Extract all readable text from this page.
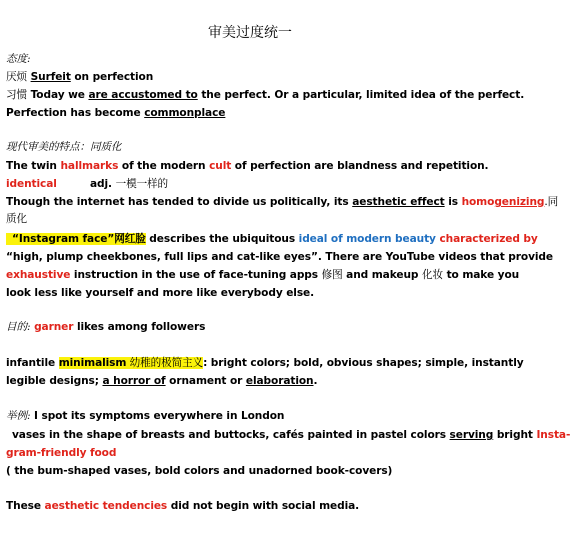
审美过度统一
态度:
厌烦 Surfeit on perfection
习惯 Today we are accustomed to the perfect. Or a particular, limited idea of the perfect.
Perfection has become commonplace
现代审美的特点：同质化
The twin hallmarks of the modern cult of perfection are blandness and repetition.
identical	adj. 一模一样的
Though the internet has tended to divide us politically, its aesthetic effect is homogenizing.同
质化
“Instagram face”网红脸 describes the ubiquitous ideal of modern beauty characterized by
“high, plump cheekbones, full lips and cat-like eyes”. There are YouTube videos that provide
exhaustive instruction in the use of face-tuning apps 修图 and makeup 化妆 to make you
look less like yourself and more like everybody else.
目的: garner likes among followers
infantile minimalism 幼稚的极简主义: bright colors; bold, obvious shapes; simple, instantly
legible designs; a horror of ornament or elaboration.
举例: I spot its symptoms everywhere in London
vases in the shape of breasts and buttocks, cafés painted in pastel colors serving bright Insta-
gram-friendly food
( the bum-shaped vases, bold colors and unadorned book-covers)
These aesthetic tendencies did not begin with social media.
